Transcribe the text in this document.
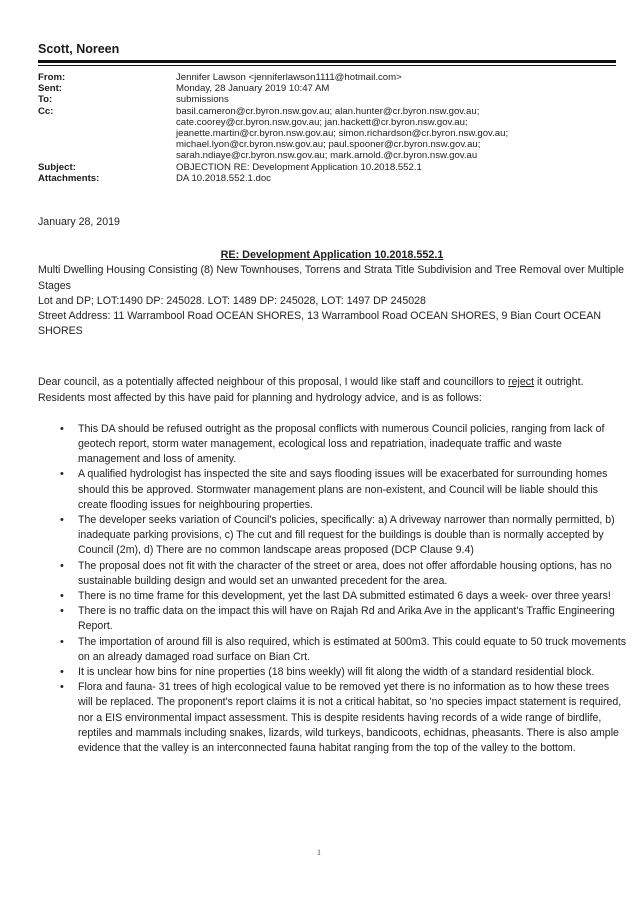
Scott, Noreen
From:	Jennifer Lawson <jenniferlawson1111@hotmail.com>
Sent:	Monday, 28 January 2019 10:47 AM
To:	submissions
Cc:	basil.cameron@cr.byron.nsw.gov.au; alan.hunter@cr.byron.nsw.gov.au;
cate.coorey@cr.byron.nsw.gov.au; jan.hackett@cr.byron.nsw.gov.au;
jeanette.martin@cr.byron.nsw.gov.au; simon.richardson@cr.byron.nsw.gov.au;
michael.lyon@cr.byron.nsw.gov.au; paul.spooner@cr.byron.nsw.gov.au;
sarah.ndiaye@cr.byron.nsw.gov.au; mark.arnold.@cr.byron.nsw.gov.au
Subject:	OBJECTION RE: Development Application 10.2018.552.1
Attachments:	DA 10.2018.552.1.doc

January 28, 2019

RE: Development Application 10.2018.552.1

Multi Dwelling Housing Consisting (8) New Townhouses, Torrens and Strata Title Subdivision and Tree Removal over Multiple Stages
Lot and DP; LOT:1490 DP: 245028. LOT: 1489 DP: 245028, LOT: 1497 DP 245028
Street Address: 11 Warrambool Road OCEAN SHORES, 13 Warrambool Road OCEAN SHORES, 9 Bian Court OCEAN SHORES

Dear council, as a potentially affected neighbour of this proposal, I would like staff and councillors to reject it outright. Residents most affected by this have paid for planning and hydrology advice, and is as follows:

• This DA should be refused outright as the proposal conflicts with numerous Council policies, ranging from lack of geotech report, storm water management, ecological loss and repatriation, inadequate traffic and waste management and loss of amenity.
• A qualified hydrologist has inspected the site and says flooding issues will be exacerbated for surrounding homes should this be approved. Stormwater management plans are non-existent, and Council will be liable should this create flooding issues for neighbouring properties.
• The developer seeks variation of Council's policies, specifically: a) A driveway narrower than normally permitted, b) inadequate parking provisions, c) The cut and fill request for the buildings is double than is normally accepted by Council (2m), d) There are no common landscape areas proposed (DCP Clause 9.4)
• The proposal does not fit with the character of the street or area, does not offer affordable housing options, has no sustainable building design and would set an unwanted precedent for the area.
• There is no time frame for this development, yet the last DA submitted estimated 6 days a week- over three years!
• There is no traffic data on the impact this will have on Rajah Rd and Arika Ave in the applicant's Traffic Engineering Report.
• The importation of around fill is also required, which is estimated at 500m3. This could equate to 50 truck movements on an already damaged road surface on Bian Crt.
• It is unclear how bins for nine properties (18 bins weekly) will fit along the width of a standard residential block.
• Flora and fauna- 31 trees of high ecological value to be removed yet there is no information as to how these trees will be replaced. The proponent's report claims it is not a critical habitat, so 'no species impact statement is required, nor a EIS environmental impact assessment. This is despite residents having records of a wide range of birdlife, reptiles and mammals including snakes, lizards, wild turkeys, bandicoots, echidnas, pheasants. There is also ample evidence that the valley is an interconnected fauna habitat ranging from the top of the valley to the bottom.
1
